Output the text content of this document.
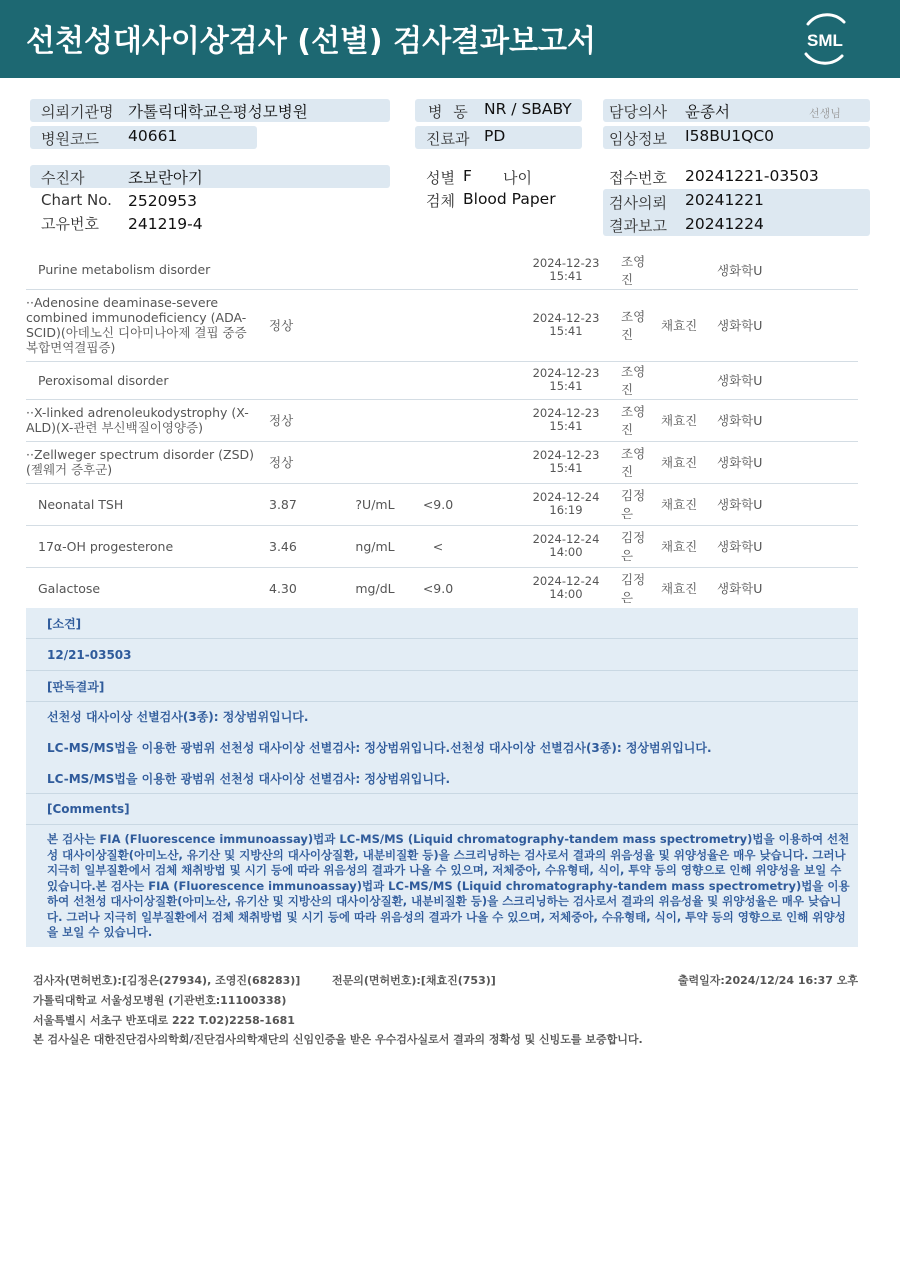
선천성대사이상검사 (선별) 검사결과보고서	SML
의뢰기관명 가톨릭대학교은평성모병원
병원코드 40661
병 동 NR / SBABY
진료과 PD
담당의사 윤종서	선생님
임상정보 I58BU1QC0
수진자	조보란아기
Chart No. 2520953
고유번호 241219-4
성별 F 나이
검체 Blood Paper
접수번호 20241221-03503
검사의뢰 20241221
결과보고 20241224
Purine metabolism disorder					2024-12-23
15:41	조영진		생화학U
··Adenosine deaminase-severe combined immunodeficiency (ADA-SCID)(아데노신 디아미나아제 결핍 중증 복합면역결핍증)	정상				2024-12-23
15:41	조영진	채효진	생화학U
Peroxisomal disorder					2024-12-23
15:41	조영진		생화학U
··X-linked adrenoleukodystrophy (X-ALD)(X-관련 부신백질이영양증)	정상				2024-12-23
15:41	조영진	채효진	생화학U
··Zellweger spectrum disorder (ZSD)(젤웨거 증후군)	정상				2024-12-23
15:41	조영진	채효진	생화학U
Neonatal TSH	3.87	?U/mL	<9.0		2024-12-24
16:19	김정은	채효진	생화학U
17α-OH progesterone	3.46	ng/mL	<		2024-12-24
14:00	김정은	채효진	생화학U
Galactose	4.30	mg/dL	<9.0		2024-12-24
14:00	김정은	채효진	생화학U
[소견]
12/21-03503
[판독결과]

선천성 대사이상 선별검사(3종): 정상범위입니다.

LC-MS/MS법을 이용한 광범위 선천성 대사이상 선별검사: 정상범위입니다.선천성 대사이상 선별검사(3종): 정상범위입니다.

LC-MS/MS법을 이용한 광범위 선천성 대사이상 선별검사: 정상범위입니다.

[Comments]
본 검사는 FIA (Fluorescence immunoassay)법과 LC-MS/MS (Liquid chromatography-tandem mass spectrometry)법을 이용하여 선천성 대사이상질환(아미노산, 유기산 및 지방산의 대사이상질환, 내분비질환 등)을 스크리닝하는 검사로서 결과의 위음성율 및 위양성율은 매우 낮습니다. 그러나 지극히 일부질환에서 검체 채취방법 및 시기 등에 따라 위음성의 결과가 나올 수 있으며, 저체중아, 수유형태, 식이, 투약 등의 영향으로 인해 위양성을 보일 수 있습니다.본 검사는 FIA (Fluorescence immunoassay)법과 LC-MS/MS (Liquid chromatography-tandem mass spectrometry)법을 이용하여 선천성 대사이상질환(아미노산, 유기산 및 지방산의 대사이상질환, 내분비질환 등)을 스크리닝하는 검사로서 결과의 위음성율 및 위양성율은 매우 낮습니다. 그러나 지극히 일부질환에서 검체 채취방법 및 시기 등에 따라 위음성의 결과가 나올 수 있으며, 저체중아, 수유형태, 식이, 투약 등의 영향으로 인해 위양성을 보일 수 있습니다.
검사자(면허번호):[김정은(27934), 조영진(68283)]	전문의(면허번호):[채효진(753)]	출력일자:2024/12/24 16:37 오후
가톨릭대학교 서울성모병원 (기관번호:11100338)
서울특별시 서초구 반포대로 222 T.02)2258-1681
본 검사실은 대한진단검사의학회/진단검사의학재단의 신임인증을 받은 우수검사실로서 결과의 정확성 및 신빙도를 보증합니다.
